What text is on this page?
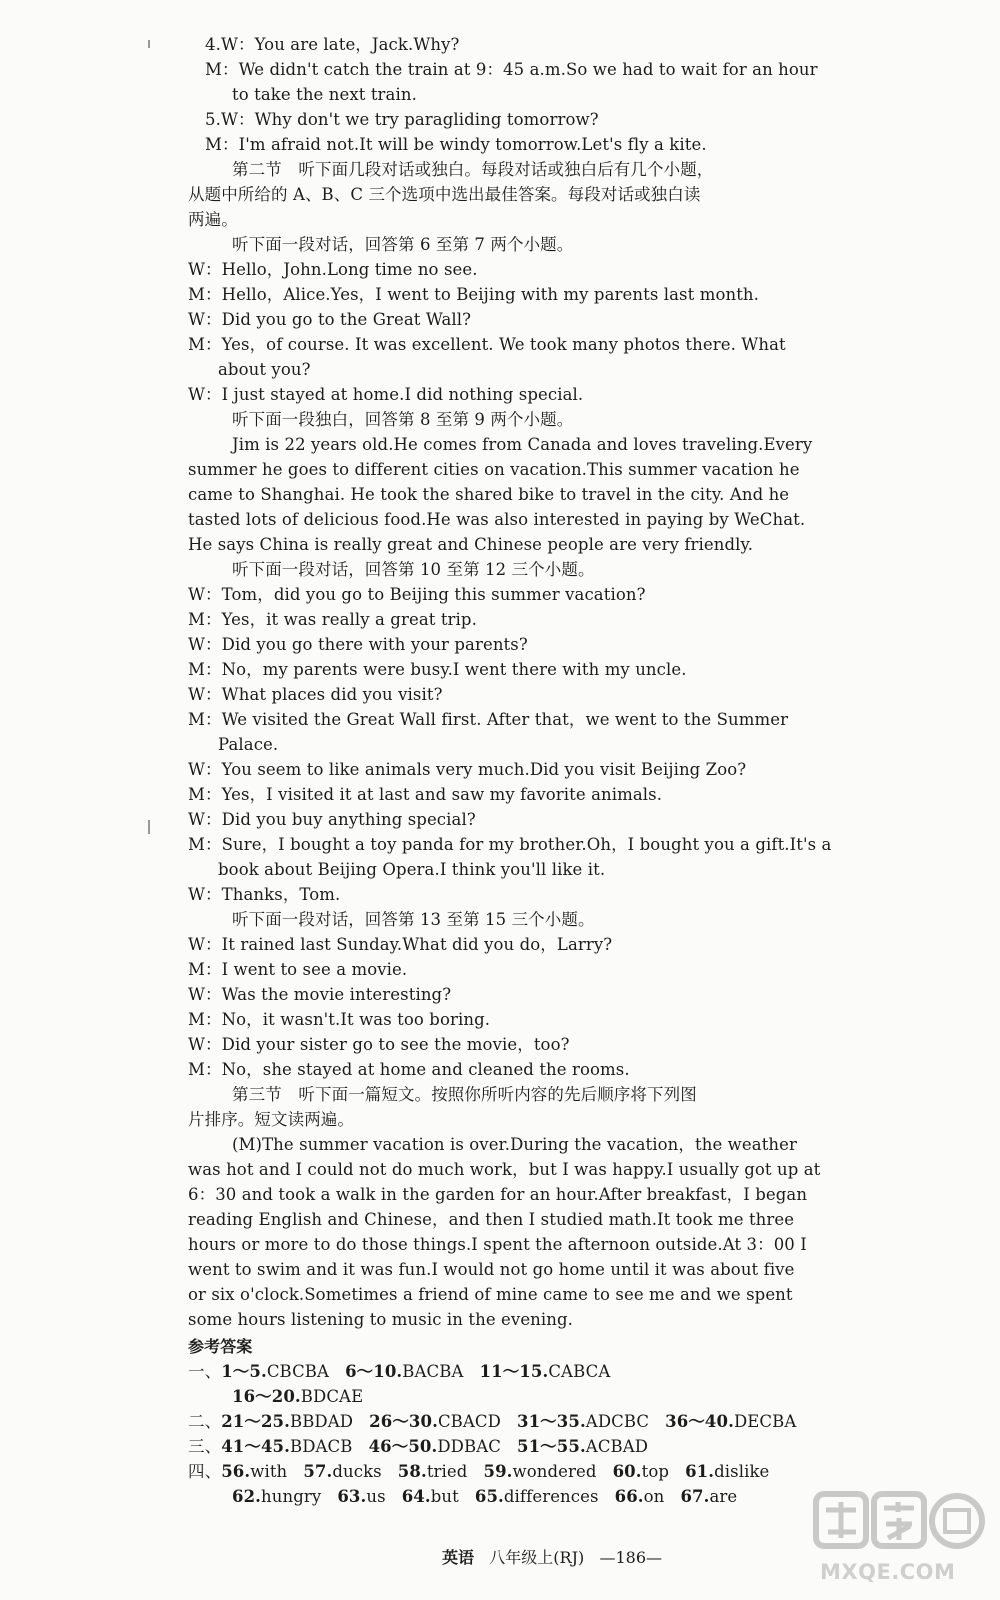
4.W：You are late，Jack.Why?
M：We didn't catch the train at 9：45 a.m.So we had to wait for an hour
to take the next train.
5.W：Why don't we try paragliding tomorrow?
M：I'm afraid not.It will be windy tomorrow.Let's fly a kite.
第二节　听下面几段对话或独白。每段对话或独白后有几个小题，
从题中所给的 A、B、C 三个选项中选出最佳答案。每段对话或独白读
两遍。
听下面一段对话，回答第 6 至第 7 两个小题。
W：Hello，John.Long time no see.
M：Hello，Alice.Yes，I went to Beijing with my parents last month.
W：Did you go to the Great Wall?
M：Yes，of course. It was excellent. We took many photos there. What
about you?
W：I just stayed at home.I did nothing special.
听下面一段独白，回答第 8 至第 9 两个小题。
Jim is 22 years old.He comes from Canada and loves traveling.Every
summer he goes to different cities on vacation.This summer vacation he
came to Shanghai. He took the shared bike to travel in the city. And he
tasted lots of delicious food.He was also interested in paying by WeChat.
He says China is really great and Chinese people are very friendly.
听下面一段对话，回答第 10 至第 12 三个小题。
W：Tom，did you go to Beijing this summer vacation?
M：Yes，it was really a great trip.
W：Did you go there with your parents?
M：No，my parents were busy.I went there with my uncle.
W：What places did you visit?
M：We visited the Great Wall first. After that，we went to the Summer
Palace.
W：You seem to like animals very much.Did you visit Beijing Zoo?
M：Yes，I visited it at last and saw my favorite animals.
W：Did you buy anything special?
M：Sure，I bought a toy panda for my brother.Oh，I bought you a gift.It's a
book about Beijing Opera.I think you'll like it.
W：Thanks，Tom.
听下面一段对话，回答第 13 至第 15 三个小题。
W：It rained last Sunday.What did you do，Larry?
M：I went to see a movie.
W：Was the movie interesting?
M：No，it wasn't.It was too boring.
W：Did your sister go to see the movie，too?
M：No，she stayed at home and cleaned the rooms.
第三节　听下面一篇短文。按照你所听内容的先后顺序将下列图
片排序。短文读两遍。
(M)The summer vacation is over.During the vacation，the weather
was hot and I could not do much work，but I was happy.I usually got up at
6：30 and took a walk in the garden for an hour.After breakfast，I began
reading English and Chinese，and then I studied math.It took me three
hours or more to do those things.I spent the afternoon outside.At 3：00 I
went to swim and it was fun.I would not go home until it was about five
or six o'clock.Sometimes a friend of mine came to see me and we spent
some hours listening to music in the evening.
参考答案
一、1～5.CBCBA 6～10.BACBA 11～15.CABCA
16～20.BDCAE
二、21～25.BBDAD 26～30.CBACD 31～35.ADCBC 36～40.DECBA
三、41～45.BDACB 46～50.DDBAC 51～55.ACBAD
四、56.with 57.ducks 58.tried 59.wondered 60.top 61.dislike
62.hungry 63.us 64.but 65.differences 66.on 67.are
英语 八年级上(RJ) —186—
MXQE.COM
